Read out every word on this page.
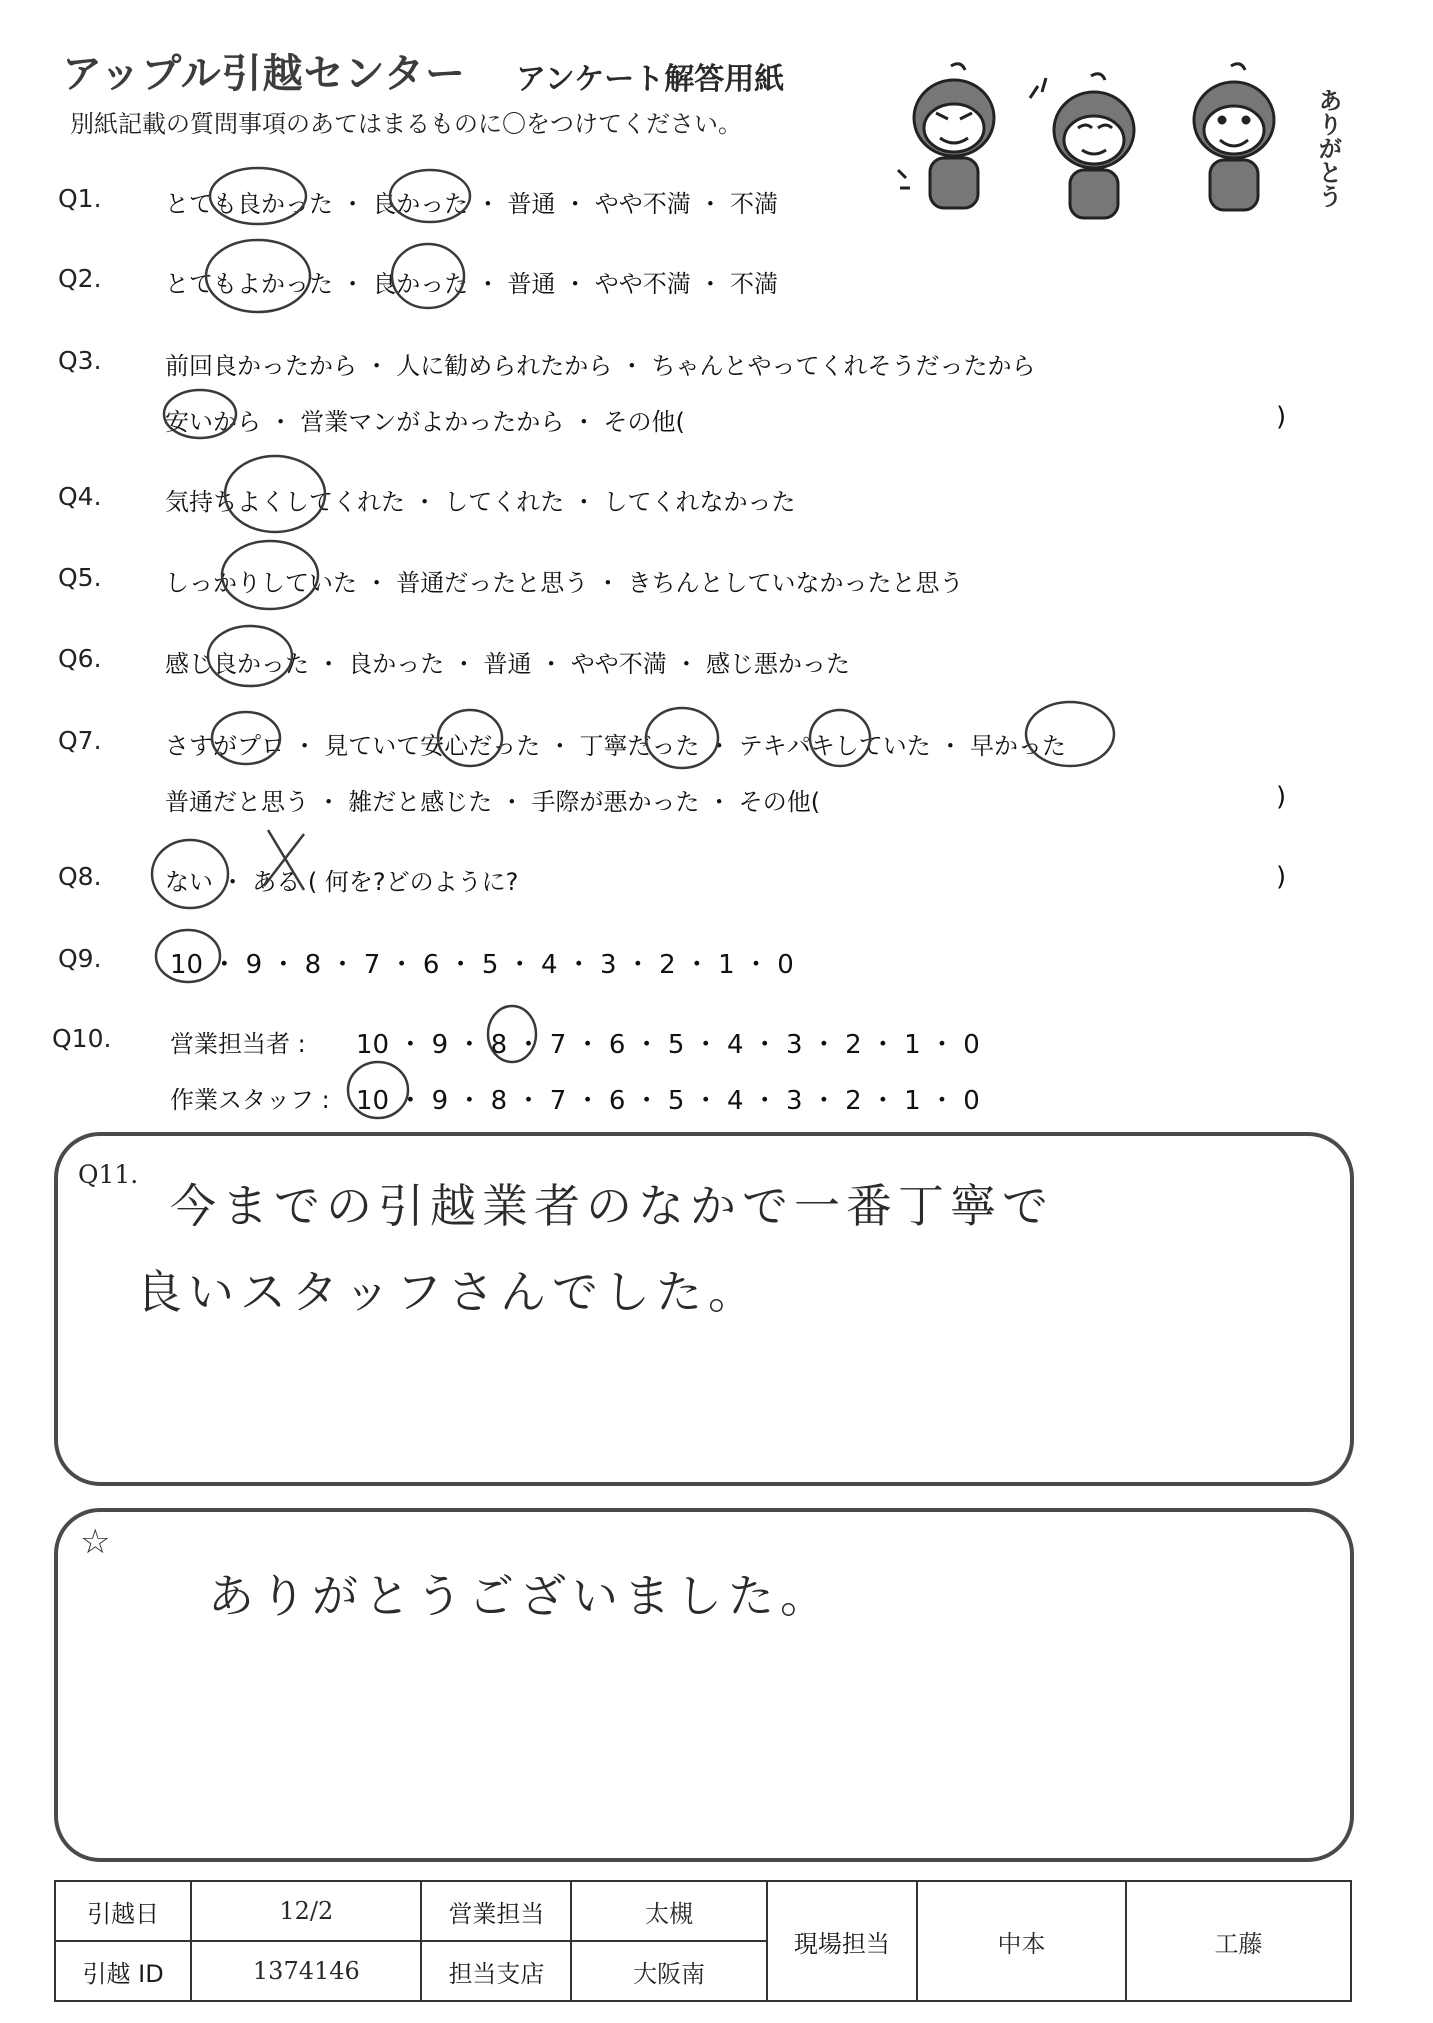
アップル引越センター アンケート解答用紙
別紙記載の質問事項のあてはまるものに〇をつけてください。	ありがとう
Q1.	とても良かった ・ 良かった ・ 普通 ・ やや不満 ・ 不満
Q2.	とてもよかった ・ 良かった ・ 普通 ・ やや不満 ・ 不満
Q3.	前回良かったから ・ 人に勧められたから ・ ちゃんとやってくれそうだったから
安いから ・ 営業マンがよかったから ・ その他(	)
Q4.	気持ちよくしてくれた ・ してくれた ・ してくれなかった
Q5.	しっかりしていた ・ 普通だったと思う ・ きちんとしていなかったと思う
Q6.	感じ良かった ・ 良かった ・ 普通 ・ やや不満 ・ 感じ悪かった
Q7.	さすがプロ ・ 見ていて安心だった ・ 丁寧だった ・ テキパキしていた ・ 早かった
普通だと思う ・ 雑だと感じた ・ 手際が悪かった ・ その他(	)
Q8.	ない ・ ある ( 何を?どのように?	)
Q9.	10 ・ 9 ・ 8 ・ 7 ・ 6 ・ 5 ・ 4 ・ 3 ・ 2 ・ 1 ・ 0
Q10. 営業担当者 : 10 ・ 9 ・ 8 ・ 7 ・ 6 ・ 5 ・ 4 ・ 3 ・ 2 ・ 1 ・ 0
作業スタッフ : 10 ・ 9 ・ 8 ・ 7 ・ 6 ・ 5 ・ 4 ・ 3 ・ 2 ・ 1 ・ 0
Q11.
今までの引越業者のなかで一番丁寧で
良いスタッフさんでした。
☆
ありがとうございました。
引越日	12/2	営業担当	太槻	現場担当	中本	工藤
引越 ID	1374146	担当支店	大阪南			
